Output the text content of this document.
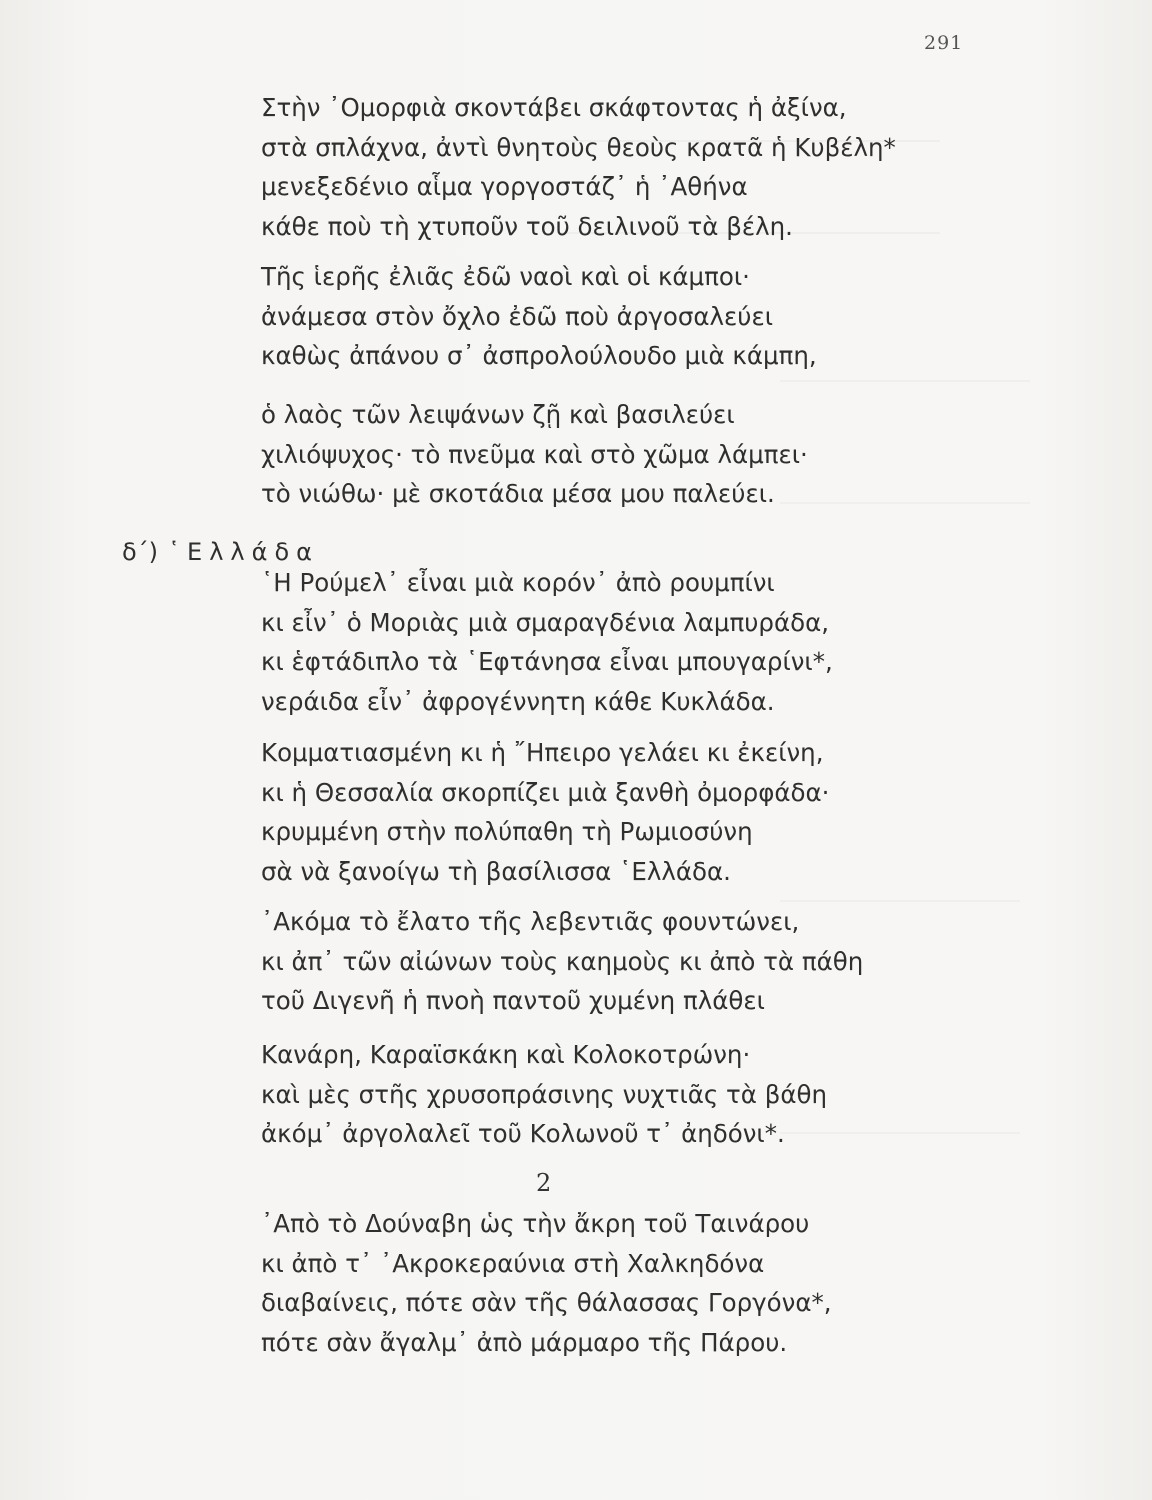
291
Στὴν ᾿Ομορφιὰ σκοντάβει σκάφτοντας ἡ ἀξίνα,
στὰ σπλάχνα, ἀντὶ θνητοὺς θεοὺς κρατᾶ ἡ Κυβέλη*
μενεξεδένιο αἷμα γοργοστάζ᾿ ἡ ᾿Αθήνα
κάθε ποὺ τὴ χτυποῦν τοῦ δειλινοῦ τὰ βέλη.
Τῆς ἱερῆς ἐλιᾶς ἐδῶ ναοὶ καὶ οἱ κάμποι·
ἀνάμεσα στὸν ὄχλο ἐδῶ ποὺ ἀργοσαλεύει
καθὼς ἀπάνου σ᾿ ἀσπρολούλουδο μιὰ κάμπη,
ὁ λαὸς τῶν λειψάνων ζῇ καὶ βασιλεύει
χιλιόψυχος· τὸ πνεῦμα καὶ στὸ χῶμα λάμπει·
τὸ νιώθω· μὲ σκοτάδια μέσα μου παλεύει.
δ΄) ῾Ελλάδα
῾Η Ρούμελ᾿ εἶναι μιὰ κορόν᾿ ἀπὸ ρουμπίνι
κι εἶν᾿ ὁ Μοριὰς μιὰ σμαραγδένια λαμπυράδα,
κι ἑφτάδιπλο τὰ ῾Εφτάνησα εἶναι μπουγαρίνι*,
νεράιδα εἶν᾿ ἀφρογέννητη κάθε Κυκλάδα.
Κομματιασμένη κι ἡ ῎Ηπειρο γελάει κι ἐκείνη,
κι ἡ Θεσσαλία σκορπίζει μιὰ ξανθὴ ὀμορφάδα·
κρυμμένη στὴν πολύπαθη τὴ Ρωμιοσύνη
σὰ νὰ ξανοίγω τὴ βασίλισσα ῾Ελλάδα.
᾿Ακόμα τὸ ἔλατο τῆς λεβεντιᾶς φουντώνει,
κι ἀπ᾿ τῶν αἰώνων τοὺς καημοὺς κι ἀπὸ τὰ πάθη
τοῦ Διγενῆ ἡ πνοὴ παντοῦ χυμένη πλάθει
Κανάρη, Καραϊσκάκη καὶ Κολοκοτρώνη·
καὶ μὲς στῆς χρυσοπράσινης νυχτιᾶς τὰ βάθη
ἀκόμ᾿ ἀργολαλεῖ τοῦ Κολωνοῦ τ᾿ ἀηδόνι*.
2
᾿Απὸ τὸ Δούναβη ὡς τὴν ἄκρη τοῦ Ταινάρου
κι ἀπὸ τ᾿ ᾿Ακροκεραύνια στὴ Χαλκηδόνα
διαβαίνεις, πότε σὰν τῆς θάλασσας Γοργόνα*,
πότε σὰν ἄγαλμ᾿ ἀπὸ μάρμαρο τῆς Πάρου.
